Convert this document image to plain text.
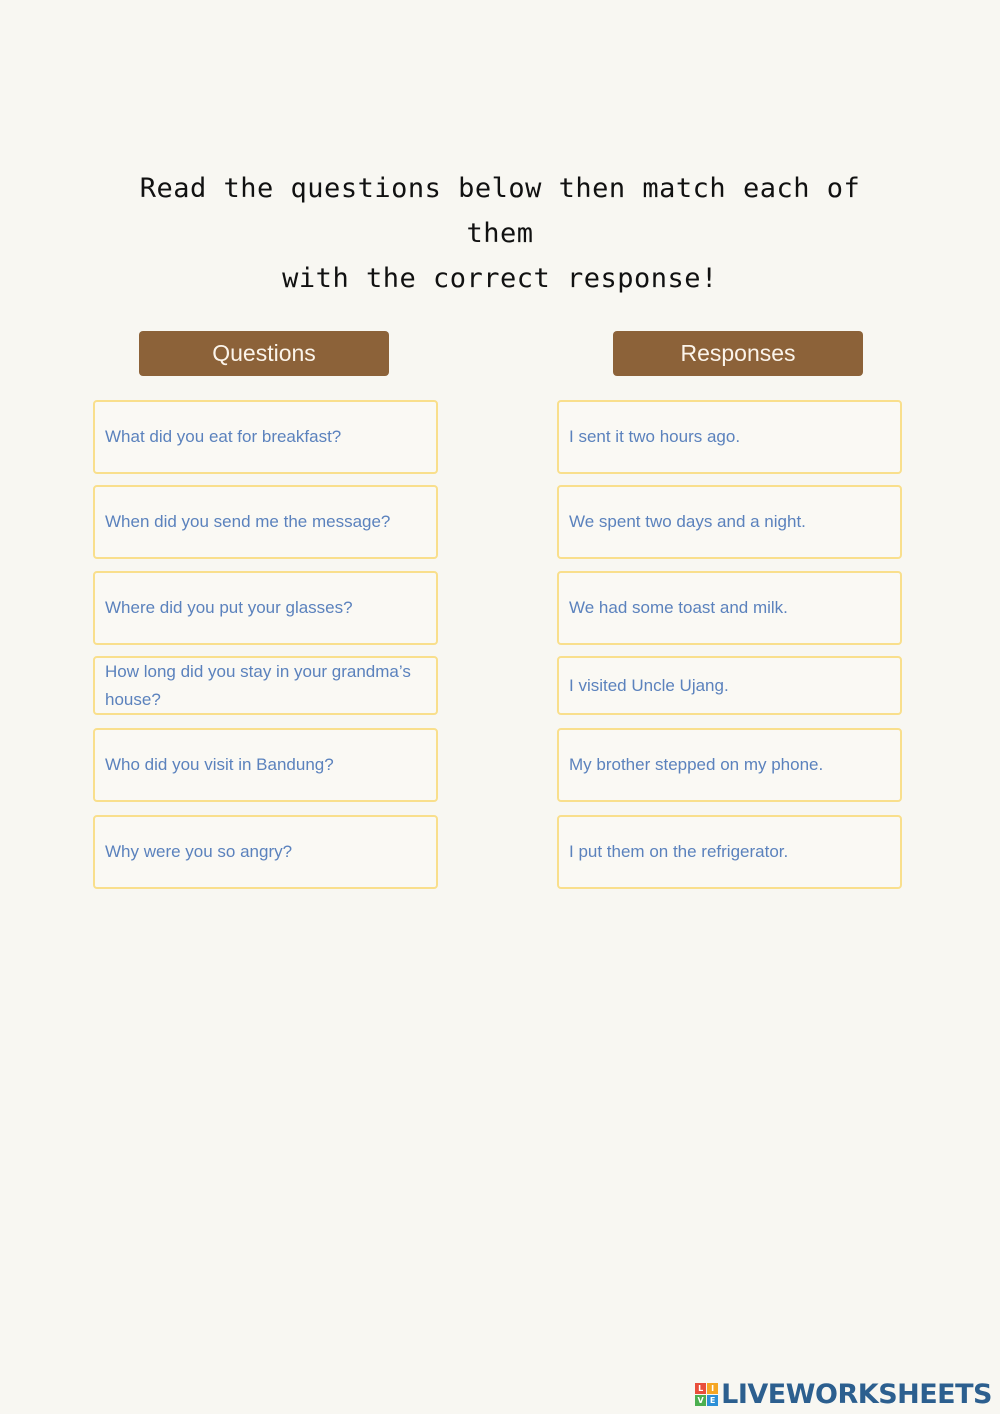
Read the questions below then match each of them
with the correct response!
Questions	Responses
What did you eat for breakfast?
When did you send me the message?
Where did you put your glasses?
How long did you stay in your grandma’s house?
Who did you visit in Bandung?
Why were you so angry?
I sent it two hours ago.
We spent two days and a night.
We had some toast and milk.
I visited Uncle Ujang.
My brother stepped on my phone.
I put them on the refrigerator.
L I
V E LIVEWORKSHEETS
